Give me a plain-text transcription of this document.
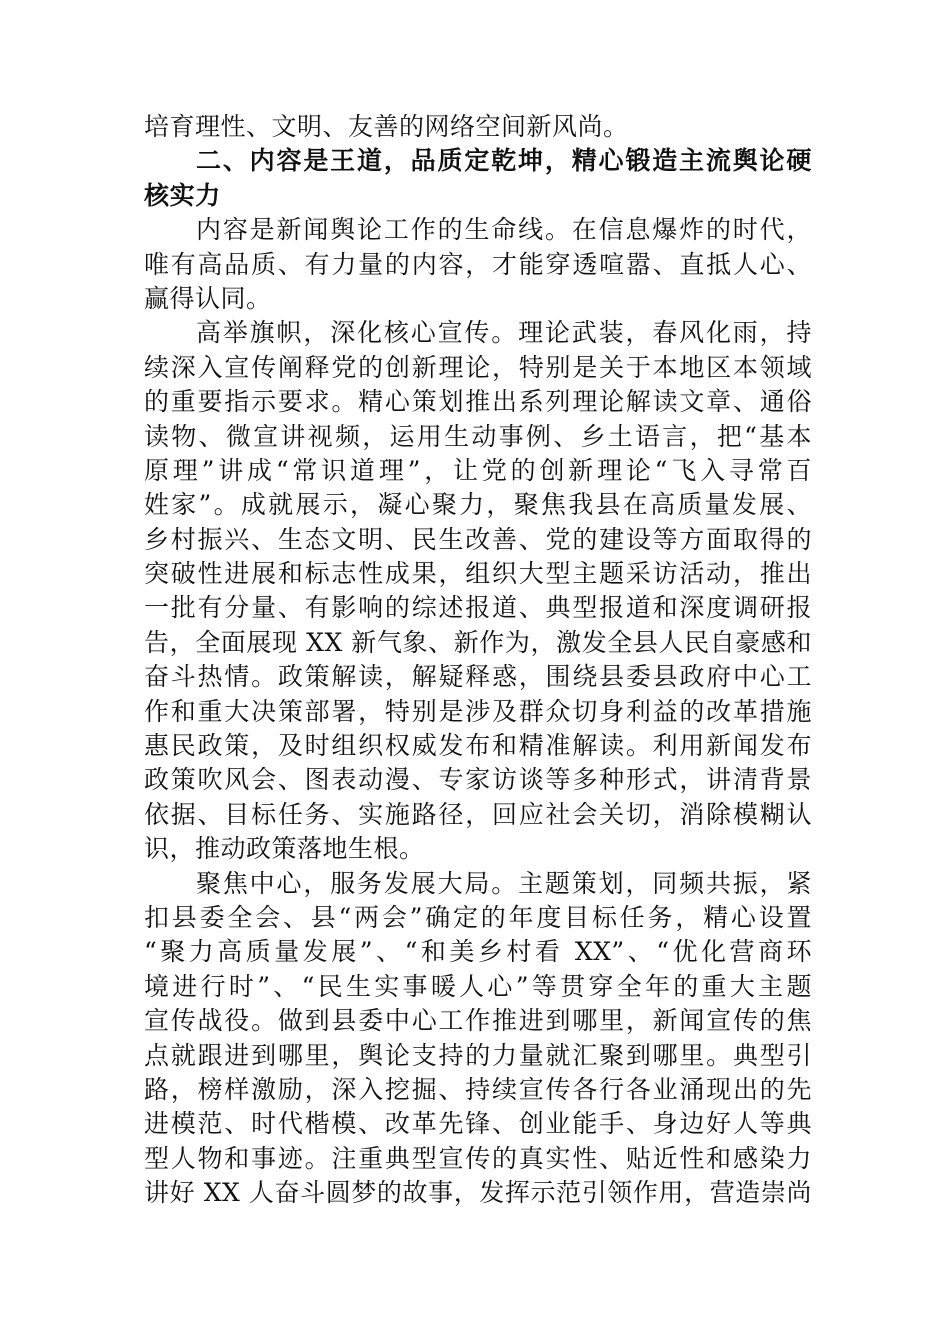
培育理性、文明、友善的网络空间新风尚。
二、内容是王道，品质定乾坤，精心锻造主流舆论硬
核实力
内容是新闻舆论工作的生命线。在信息爆炸的时代，
唯有高品质、有力量的内容，才能穿透喧嚣、直抵人心、
赢得认同。
高举旗帜，深化核心宣传。理论武装，春风化雨，持
续深入宣传阐释党的创新理论，特别是关于本地区本领域
的重要指示要求。精心策划推出系列理论解读文章、通俗
读物、微宣讲视频，运用生动事例、乡土语言，把“基本
原理”讲成“常识道理”，让党的创新理论“飞入寻常百
姓家”。成就展示，凝心聚力，聚焦我县在高质量发展、
乡村振兴、生态文明、民生改善、党的建设等方面取得的
突破性进展和标志性成果，组织大型主题采访活动，推出
一批有分量、有影响的综述报道、典型报道和深度调研报
告，全面展现 XX 新气象、新作为，激发全县人民自豪感和
奋斗热情。政策解读，解疑释惑，围绕县委县政府中心工
作和重大决策部署，特别是涉及群众切身利益的改革措施
惠民政策，及时组织权威发布和精准解读。利用新闻发布
政策吹风会、图表动漫、专家访谈等多种形式，讲清背景
依据、目标任务、实施路径，回应社会关切，消除模糊认
识，推动政策落地生根。
聚焦中心，服务发展大局。主题策划，同频共振，紧
扣县委全会、县“两会”确定的年度目标任务，精心设置
“聚力高质量发展”、“和美乡村看 XX”、“优化营商环
境进行时”、“民生实事暖人心”等贯穿全年的重大主题
宣传战役。做到县委中心工作推进到哪里，新闻宣传的焦
点就跟进到哪里，舆论支持的力量就汇聚到哪里。典型引
路，榜样激励，深入挖掘、持续宣传各行各业涌现出的先
进模范、时代楷模、改革先锋、创业能手、身边好人等典
型人物和事迹。注重典型宣传的真实性、贴近性和感染力
讲好 XX 人奋斗圆梦的故事，发挥示范引领作用，营造崇尚
